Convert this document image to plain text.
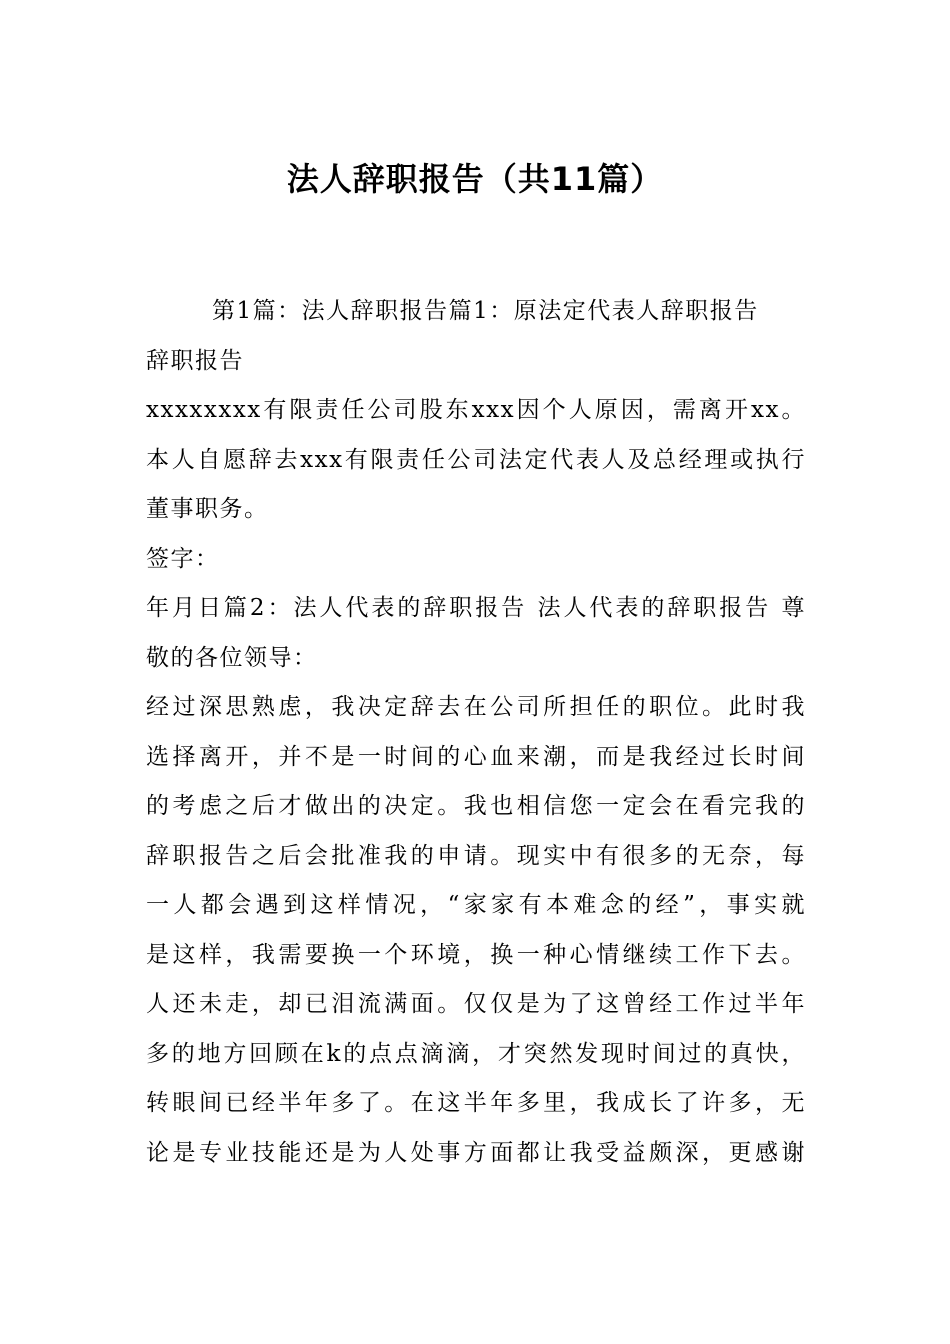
法人辞职报告（共11篇）
第1篇：法人辞职报告篇1：原法定代表人辞职报告
辞职报告
xxxxxxxx有限责任公司股东xxx因个人原因，需离开xx。
本人自愿辞去xxx有限责任公司法定代表人及总经理或执行
董事职务。
签字：
年月日篇2：法人代表的辞职报告 法人代表的辞职报告 尊
敬的各位领导：
经过深思熟虑，我决定辞去在公司所担任的职位。此时我
选择离开，并不是一时间的心血来潮，而是我经过长时间
的考虑之后才做出的决定。我也相信您一定会在看完我的
辞职报告之后会批准我的申请。现实中有很多的无奈，每
一人都会遇到这样情况，“家家有本难念的经”，事实就
是这样，我需要换一个环境，换一种心情继续工作下去。
人还未走，却已泪流满面。仅仅是为了这曾经工作过半年
多的地方回顾在k的点点滴滴，才突然发现时间过的真快，
转眼间已经半年多了。在这半年多里，我成长了许多，无
论是专业技能还是为人处事方面都让我受益颇深，更感谢
